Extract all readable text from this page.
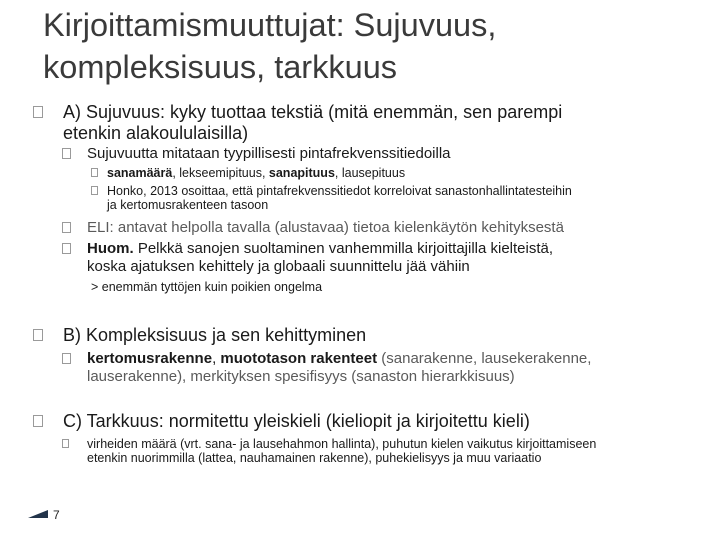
Kirjoittamismuuttujat: Sujuvuus, kompleksisuus, tarkkuus
A) Sujuvuus: kyky tuottaa tekstiä (mitä enemmän, sen parempi
etenkin alakoululaisilla)
Sujuvuutta mitataan tyypillisesti pintafrekvenssitiedoilla
sanamäärä, lekseemipituus, sanapituus, lausepituus
Honko, 2013 osoittaa, että pintafrekvenssitiedot korreloivat sanastonhallintatesteihin
ja kertomusrakenteen tasoon
ELI: antavat helpolla tavalla (alustavaa) tietoa kielenkäytön kehityksestä
Huom. Pelkkä sanojen suoltaminen vanhemmilla kirjoittajilla kielteistä,
koska ajatuksen kehittely ja globaali suunnittelu jää vähiin
> enemmän tyttöjen kuin poikien ongelma
B) Kompleksisuus ja sen kehittyminen
kertomusrakenne, muototason rakenteet (sanarakenne, lausekerakenne,
lauserakenne), merkityksen spesifisyys (sanaston hierarkkisuus)
C) Tarkkuus: normitettu yleiskieli (kieliopit ja kirjoitettu kieli)
virheiden määrä (vrt. sana- ja lausehahmon hallinta), puhutun kielen vaikutus kirjoittamiseen
etenkin nuorimmilla (lattea, nauhamainen rakenne), puhekielisyys ja muu variaatio
7
